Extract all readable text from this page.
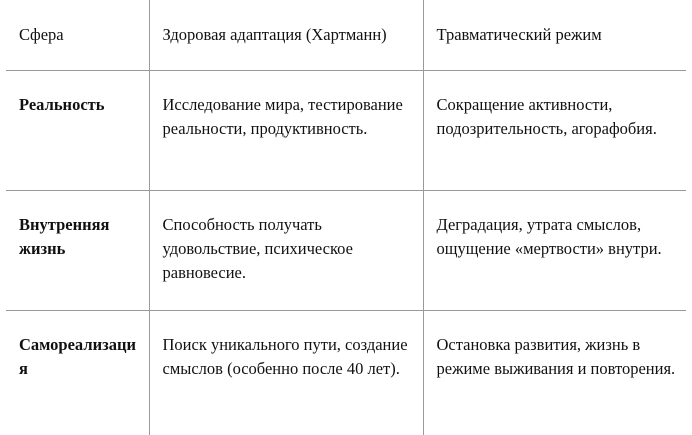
Сфера	Здоровая адаптация (Хартманн)	Травматический режим

Реальность	Исследование мира, тестирование реальности, продуктивность.	Сокращение активности, подозрительность, агорафобия.

Внутренняя жизнь	Способность получать удовольствие, психическое равновесие.	Деградация, утрата смыслов, ощущение «мертвости» внутри.

Самореализация	Поиск уникального пути, создание смыслов (особенно после 40 лет).	Остановка развития, жизнь в режиме выживания и повторения.
